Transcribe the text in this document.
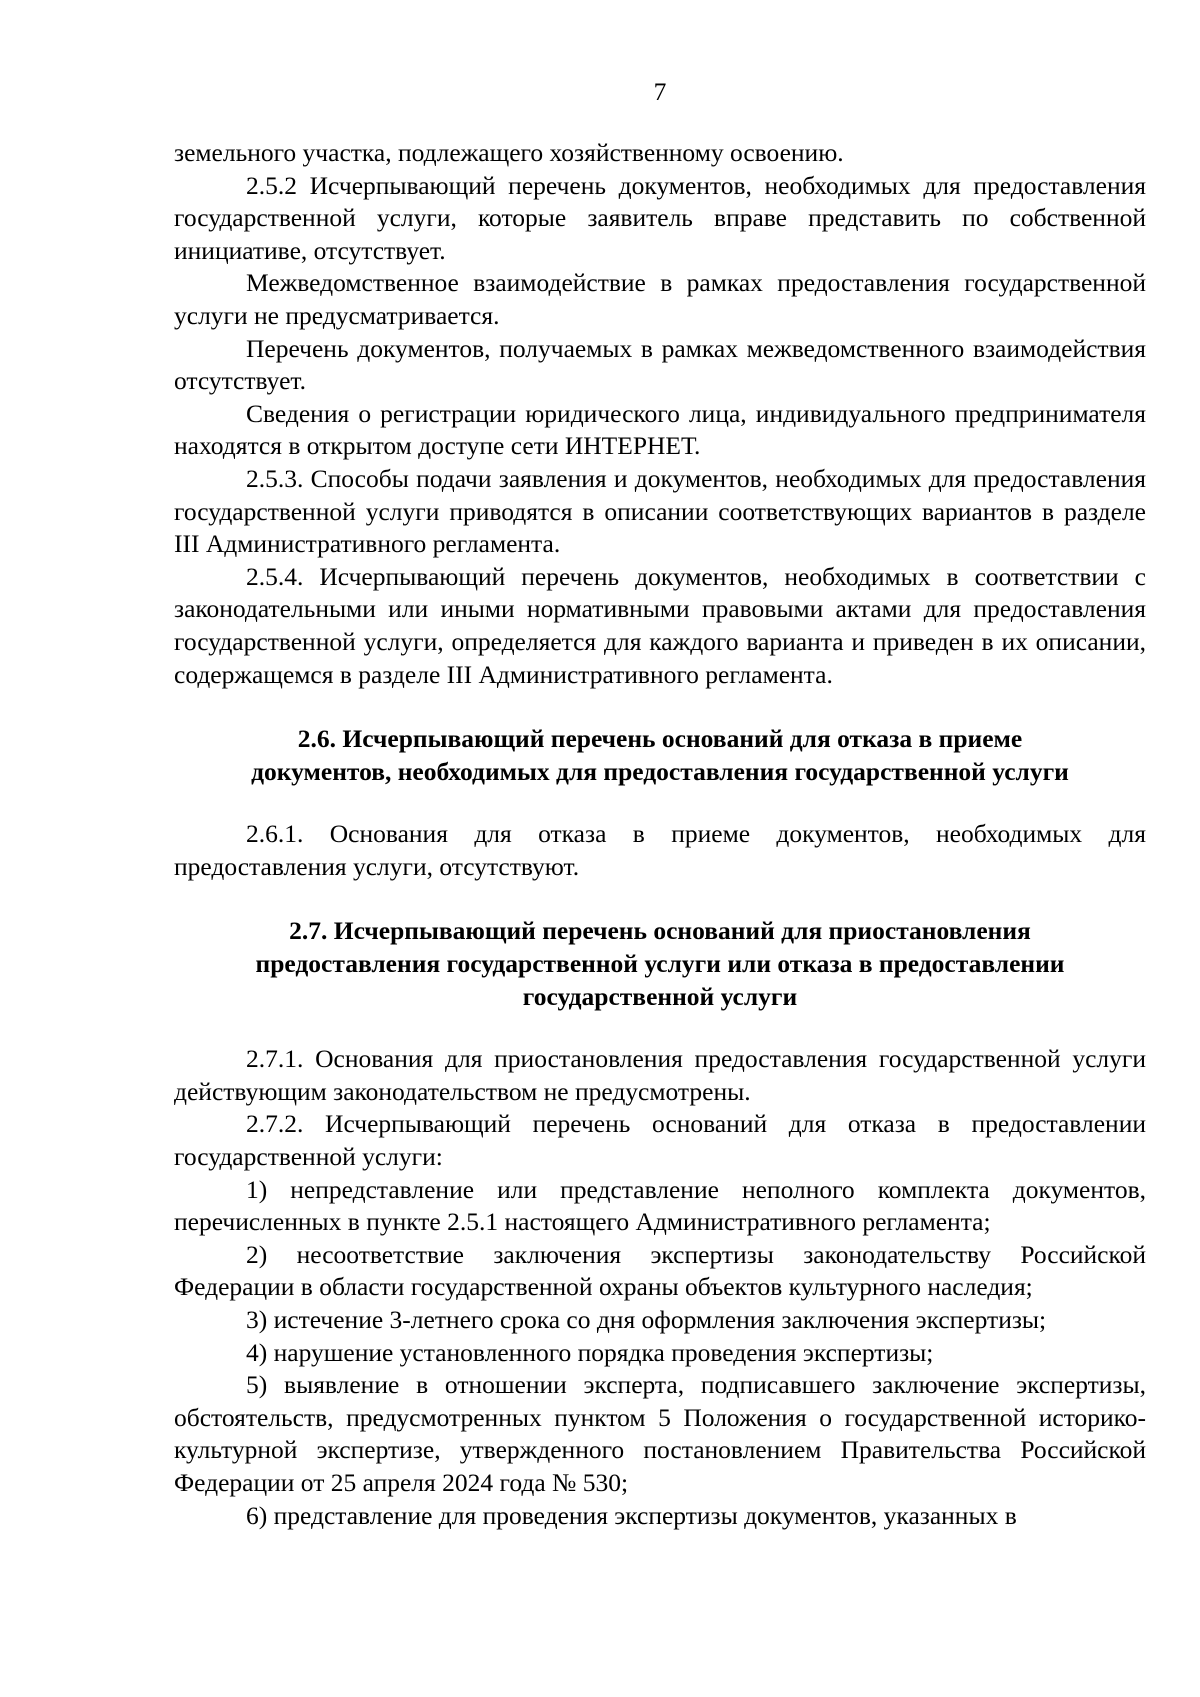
7

земельного участка, подлежащего хозяйственному освоению.

2.5.2 Исчерпывающий перечень документов, необходимых для предоставления государственной услуги, которые заявитель вправе представить по собственной инициативе, отсутствует.

Межведомственное взаимодействие в рамках предоставления государственной услуги не предусматривается.

Перечень документов, получаемых в рамках межведомственного взаимодействия отсутствует.

Сведения о регистрации юридического лица, индивидуального предпринимателя находятся в открытом доступе сети ИНТЕРНЕТ.

2.5.3. Способы подачи заявления и документов, необходимых для предоставления государственной услуги приводятся в описании соответствующих вариантов в разделе III Административного регламента.

2.5.4. Исчерпывающий перечень документов, необходимых в соответствии с законодательными или иными нормативными правовыми актами для предоставления государственной услуги, определяется для каждого варианта и приведен в их описании, содержащемся в разделе III Административного регламента.

2.6. Исчерпывающий перечень оснований для отказа в приеме
документов, необходимых для предоставления государственной услуги

2.6.1. Основания для отказа в приеме документов, необходимых для предоставления услуги, отсутствуют.

2.7. Исчерпывающий перечень оснований для приостановления
предоставления государственной услуги или отказа в предоставлении
государственной услуги

2.7.1. Основания для приостановления предоставления государственной услуги действующим законодательством не предусмотрены.

2.7.2. Исчерпывающий перечень оснований для отказа в предоставлении государственной услуги:

1) непредставление или представление неполного комплекта документов, перечисленных в пункте 2.5.1 настоящего Административного регламента;

2) несоответствие заключения экспертизы законодательству Российской Федерации в области государственной охраны объектов культурного наследия;

3) истечение 3-летнего срока со дня оформления заключения экспертизы;

4) нарушение установленного порядка проведения экспертизы;

5) выявление в отношении эксперта, подписавшего заключение экспертизы, обстоятельств, предусмотренных пунктом 5 Положения о государственной историко-культурной экспертизе, утвержденного постановлением Правительства Российской Федерации от 25 апреля 2024 года № 530;

6) представление для проведения экспертизы документов, указанных в
